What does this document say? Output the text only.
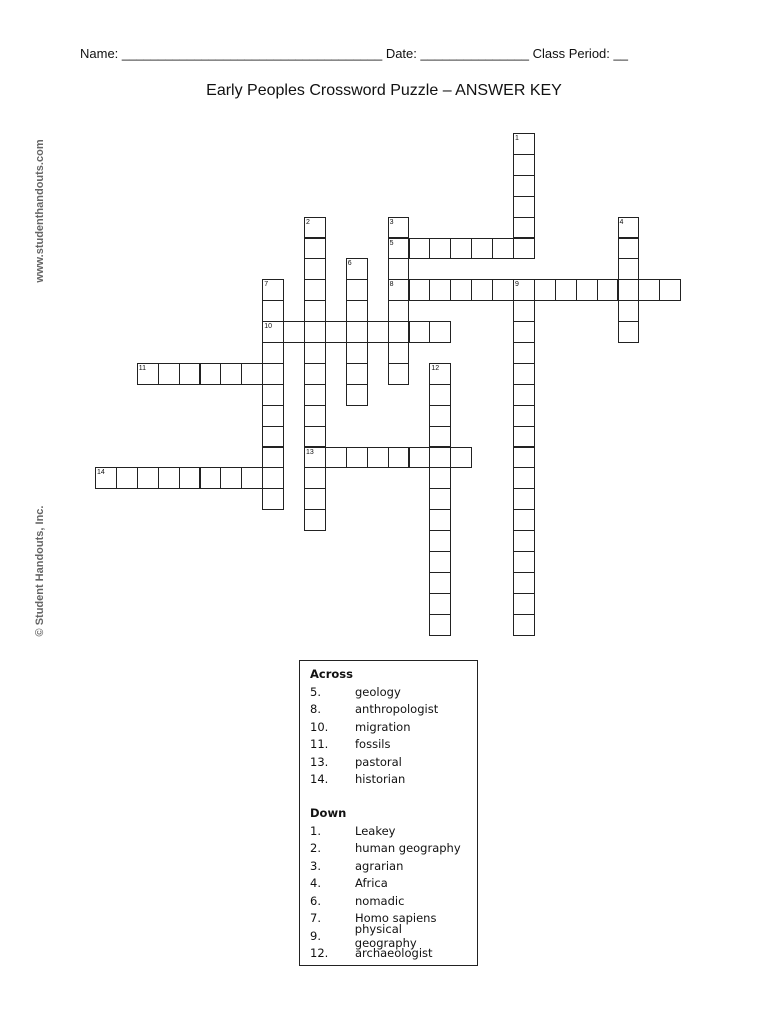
Name: ____________________________________ Date: _______________ Class Period: __
Early Peoples Crossword Puzzle – ANSWER KEY
www.studenthandouts.com
© Student Handouts, Inc.
1
2	3	4
5
6
7	8	9
10
11	12
13
14
Across
5.	geology
8.	anthropologist
10.	migration
11.	fossils
13.	pastoral
14.	historian
Down
1.	Leakey
2.	human geography
3.	agrarian
4.	Africa
6.	nomadic
7.	Homo sapiens
9.	physical geography
12.	archaeologist
